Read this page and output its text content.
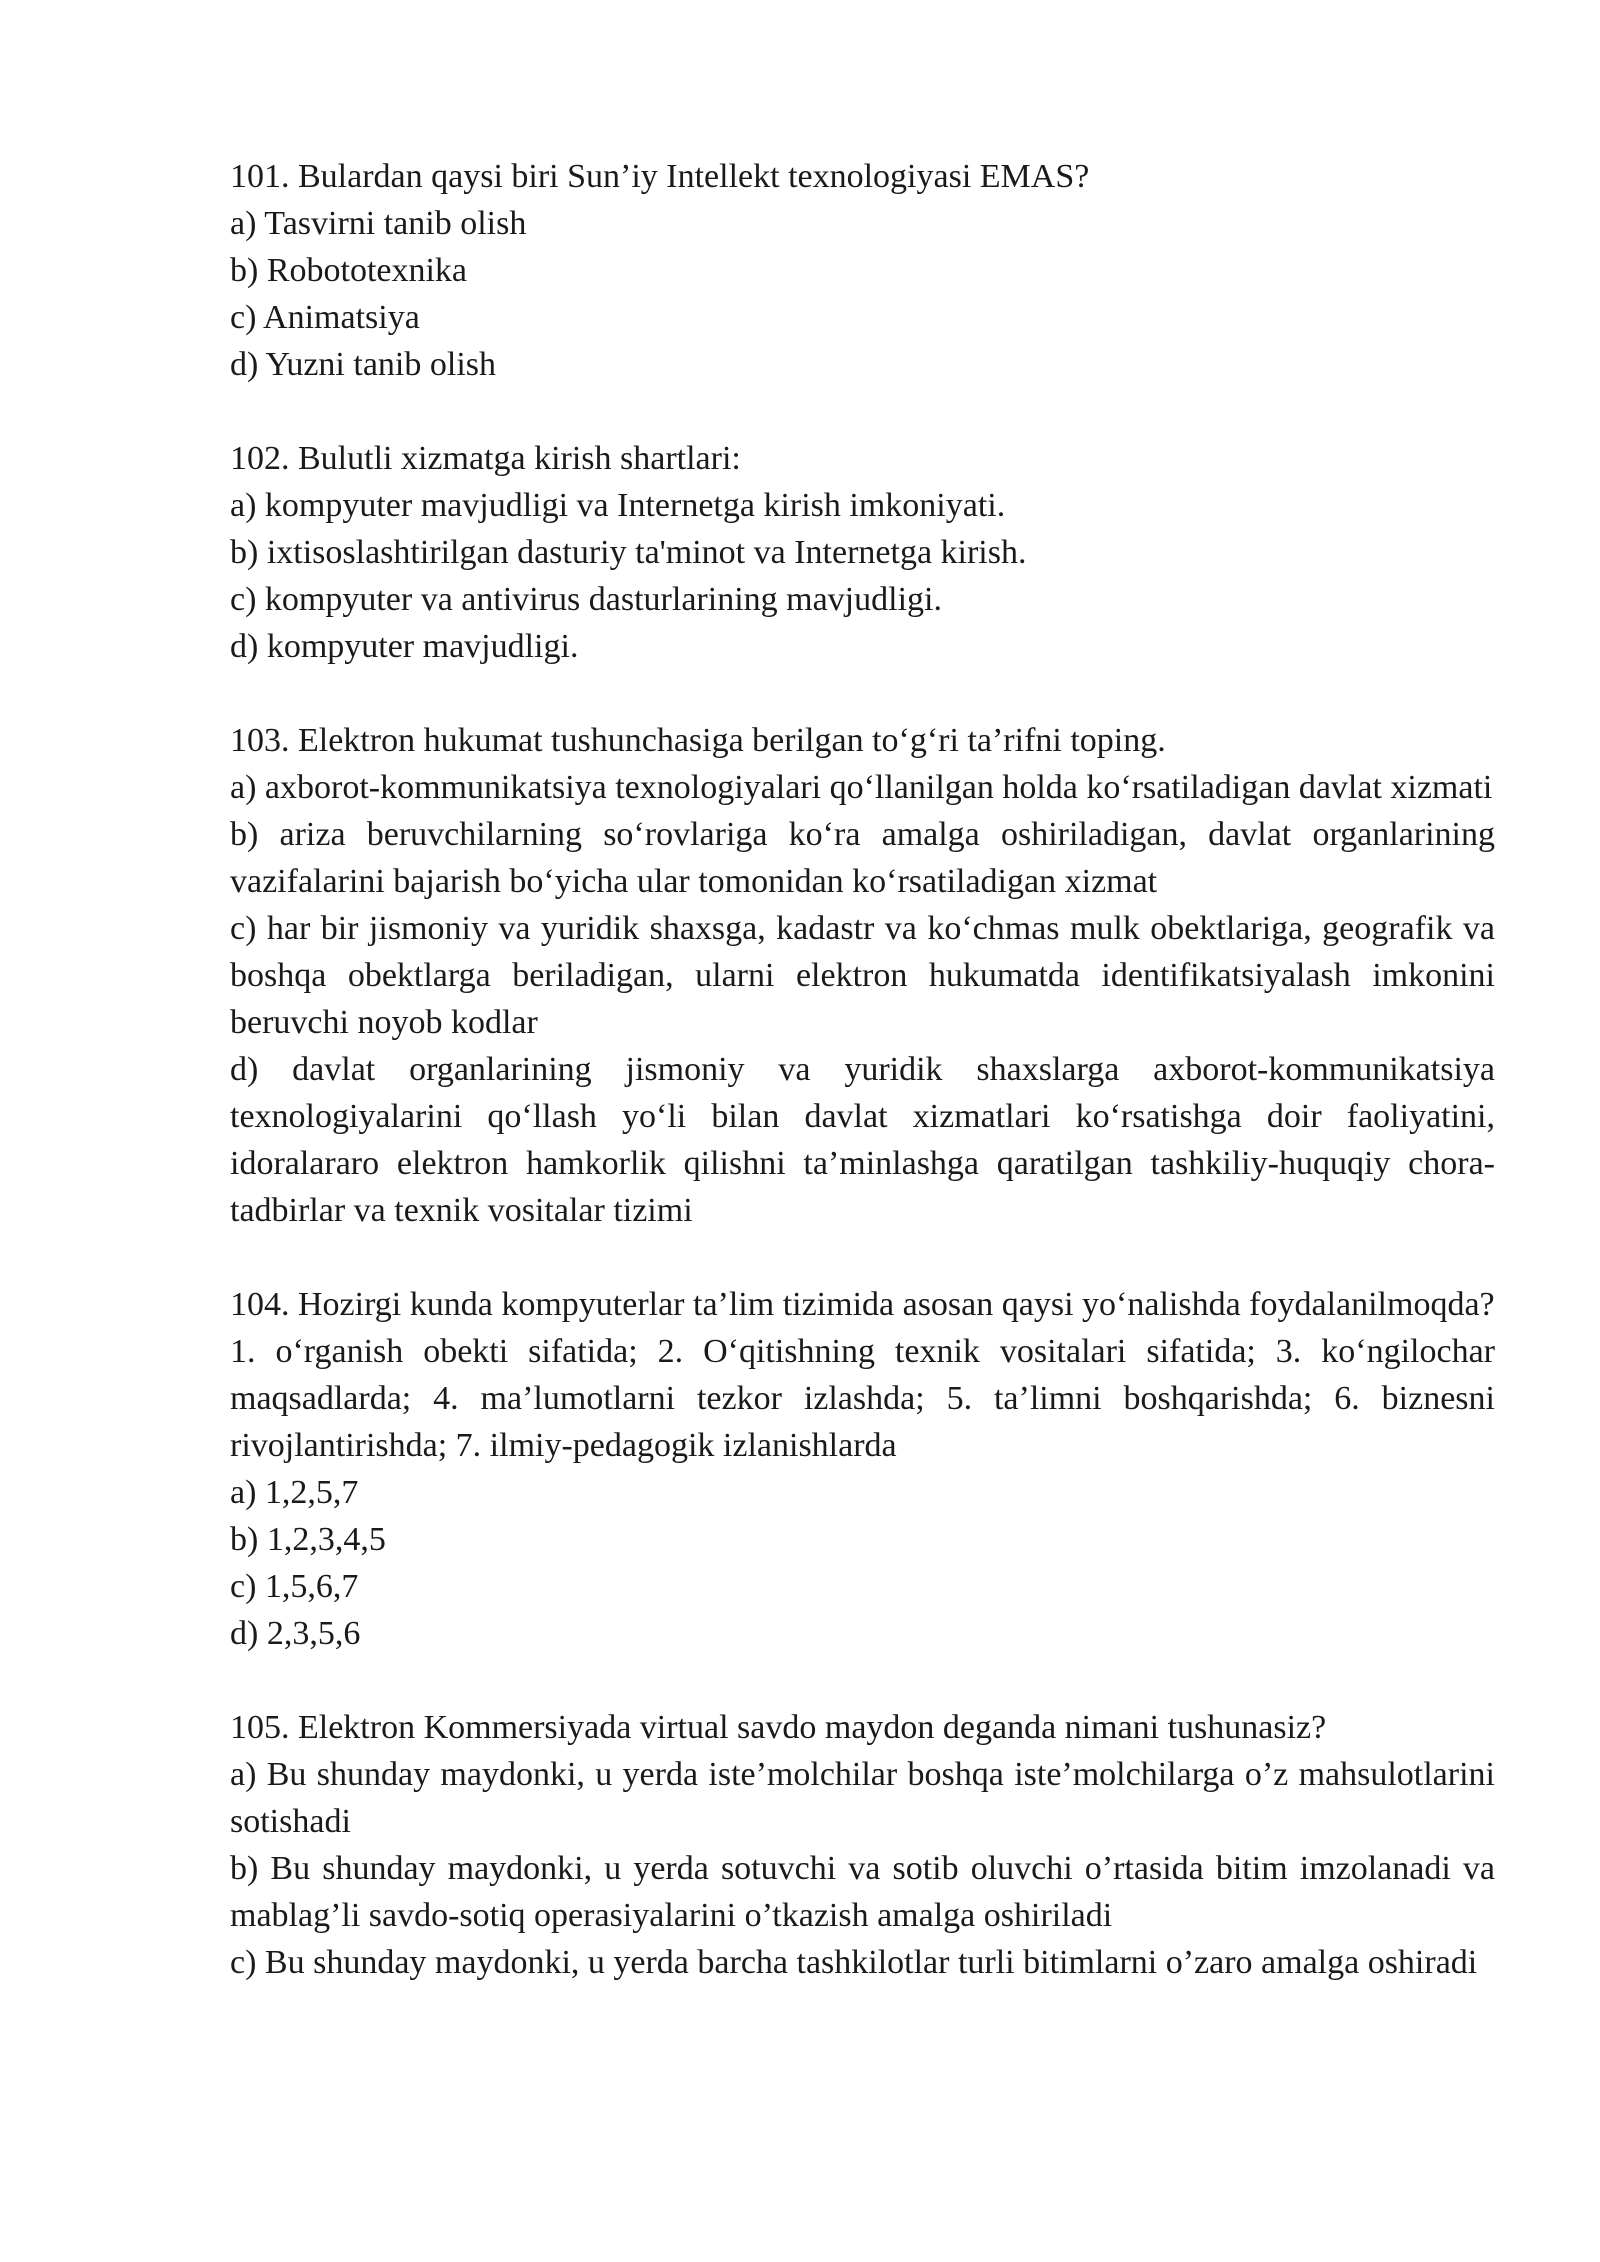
101. Bulardan qaysi biri Sun’iy Intellekt texnologiyasi EMAS?
a) Tasvirni tanib olish
b) Robototexnika
c) Animatsiya
d) Yuzni tanib olish
102. Bulutli xizmatga kirish shartlari:
a) kompyuter mavjudligi va Internetga kirish imkoniyati.
b) ixtisoslashtirilgan dasturiy ta'minot va Internetga kirish.
c) kompyuter va antivirus dasturlarining mavjudligi.
d) kompyuter mavjudligi.
103. Elektron hukumat tushunchasiga berilgan to‘g‘ri ta’rifni toping.
a) axborot-kommunikatsiya texnologiyalari qo‘llanilgan holda ko‘rsatiladigan davlat xizmati
b) ariza beruvchilarning so‘rovlariga ko‘ra amalga oshiriladigan, davlat organlarining vazifalarini bajarish bo‘yicha ular tomonidan ko‘rsatiladigan xizmat
c) har bir jismoniy va yuridik shaxsga, kadastr va ko‘chmas mulk obektlariga, geografik va boshqa obektlarga beriladigan, ularni elektron hukumatda identifikatsiyalash imkonini beruvchi noyob kodlar
d) davlat organlarining jismoniy va yuridik shaxslarga axborot-kommunikatsiya texnologiyalarini qo‘llash yo‘li bilan davlat xizmatlari ko‘rsatishga doir faoliyatini, idoralararo elektron hamkorlik qilishni ta’minlashga qaratilgan tashkiliy-huquqiy chora-tadbirlar va texnik vositalar tizimi
104. Hozirgi kunda kompyuterlar ta’lim tizimida asosan qaysi yo‘nalishda foydalanilmoqda?
1. o‘rganish obekti sifatida; 2. O‘qitishning texnik vositalari sifatida; 3. ko‘ngilochar maqsadlarda; 4. ma’lumotlarni tezkor izlashda; 5. ta’limni boshqarishda; 6. biznesni rivojlantirishda; 7. ilmiy-pedagogik izlanishlarda
a) 1,2,5,7
b) 1,2,3,4,5
c) 1,5,6,7
d) 2,3,5,6
105. Elektron Kommersiyada virtual savdo maydon deganda nimani tushunasiz?
a) Bu shunday maydonki, u yerda iste’molchilar boshqa iste’molchilarga o’z mahsulotlarini sotishadi
b) Bu shunday maydonki, u yerda sotuvchi va sotib oluvchi o’rtasida bitim imzolanadi va mablag’li savdo-sotiq operasiyalarini o’tkazish amalga oshiriladi
c) Bu shunday maydonki, u yerda barcha tashkilotlar turli bitimlarni o’zaro amalga oshiradi
